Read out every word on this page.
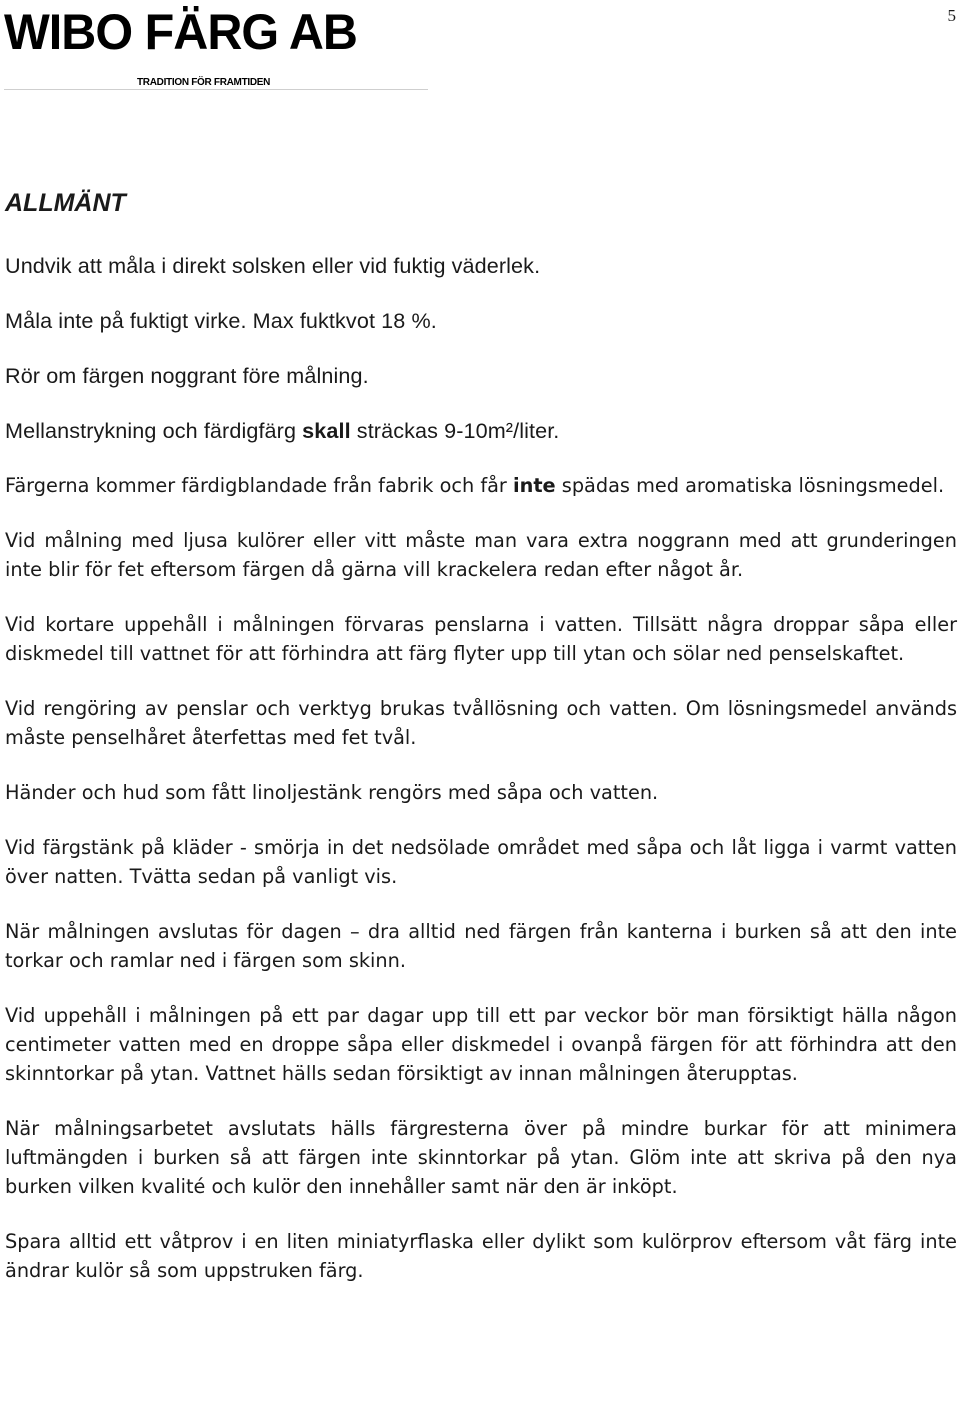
5
WIBO FÄRG AB
TRADITION FÖR FRAMTIDEN
ALLMÄNT

Undvik att måla i direkt solsken eller vid fuktig väderlek.

Måla inte på fuktigt virke. Max fuktkvot 18 %.

Rör om färgen noggrant före målning.

Mellanstrykning och färdigfärg skall sträckas 9-10m²/liter.

Färgerna kommer färdigblandade från fabrik och får inte spädas med aromatiska lösningsmedel.

Vid målning med ljusa kulörer eller vitt måste man vara extra noggrann med att grunderingen inte blir för fet eftersom färgen då gärna vill krackelera redan efter något år.

Vid kortare uppehåll i målningen förvaras penslarna i vatten. Tillsätt några droppar såpa eller diskmedel till vattnet för att förhindra att färg flyter upp till ytan och sölar ned penselskaftet.

Vid rengöring av penslar och verktyg brukas tvållösning och vatten. Om lösningsmedel används måste penselhåret återfettas med fet tvål.

Händer och hud som fått linoljestänk rengörs med såpa och vatten.

Vid färgstänk på kläder - smörja in det nedsölade området med såpa och låt ligga i varmt vatten över natten. Tvätta sedan på vanligt vis.

När målningen avslutas för dagen – dra alltid ned färgen från kanterna i burken så att den inte torkar och ramlar ned i färgen som skinn.

Vid uppehåll i målningen på ett par dagar upp till ett par veckor bör man försiktigt hälla någon centimeter vatten med en droppe såpa eller diskmedel i ovanpå färgen för att förhindra att den skinntorkar på ytan. Vattnet hälls sedan försiktigt av innan målningen återupptas.

När målningsarbetet avslutats hälls färgresterna över på mindre burkar för att minimera luftmängden i burken så att färgen inte skinntorkar på ytan. Glöm inte att skriva på den nya burken vilken kvalité och kulör den innehåller samt när den är inköpt.

Spara alltid ett våtprov i en liten miniatyrflaska eller dylikt som kulörprov eftersom våt färg inte ändrar kulör så som uppstruken färg.
